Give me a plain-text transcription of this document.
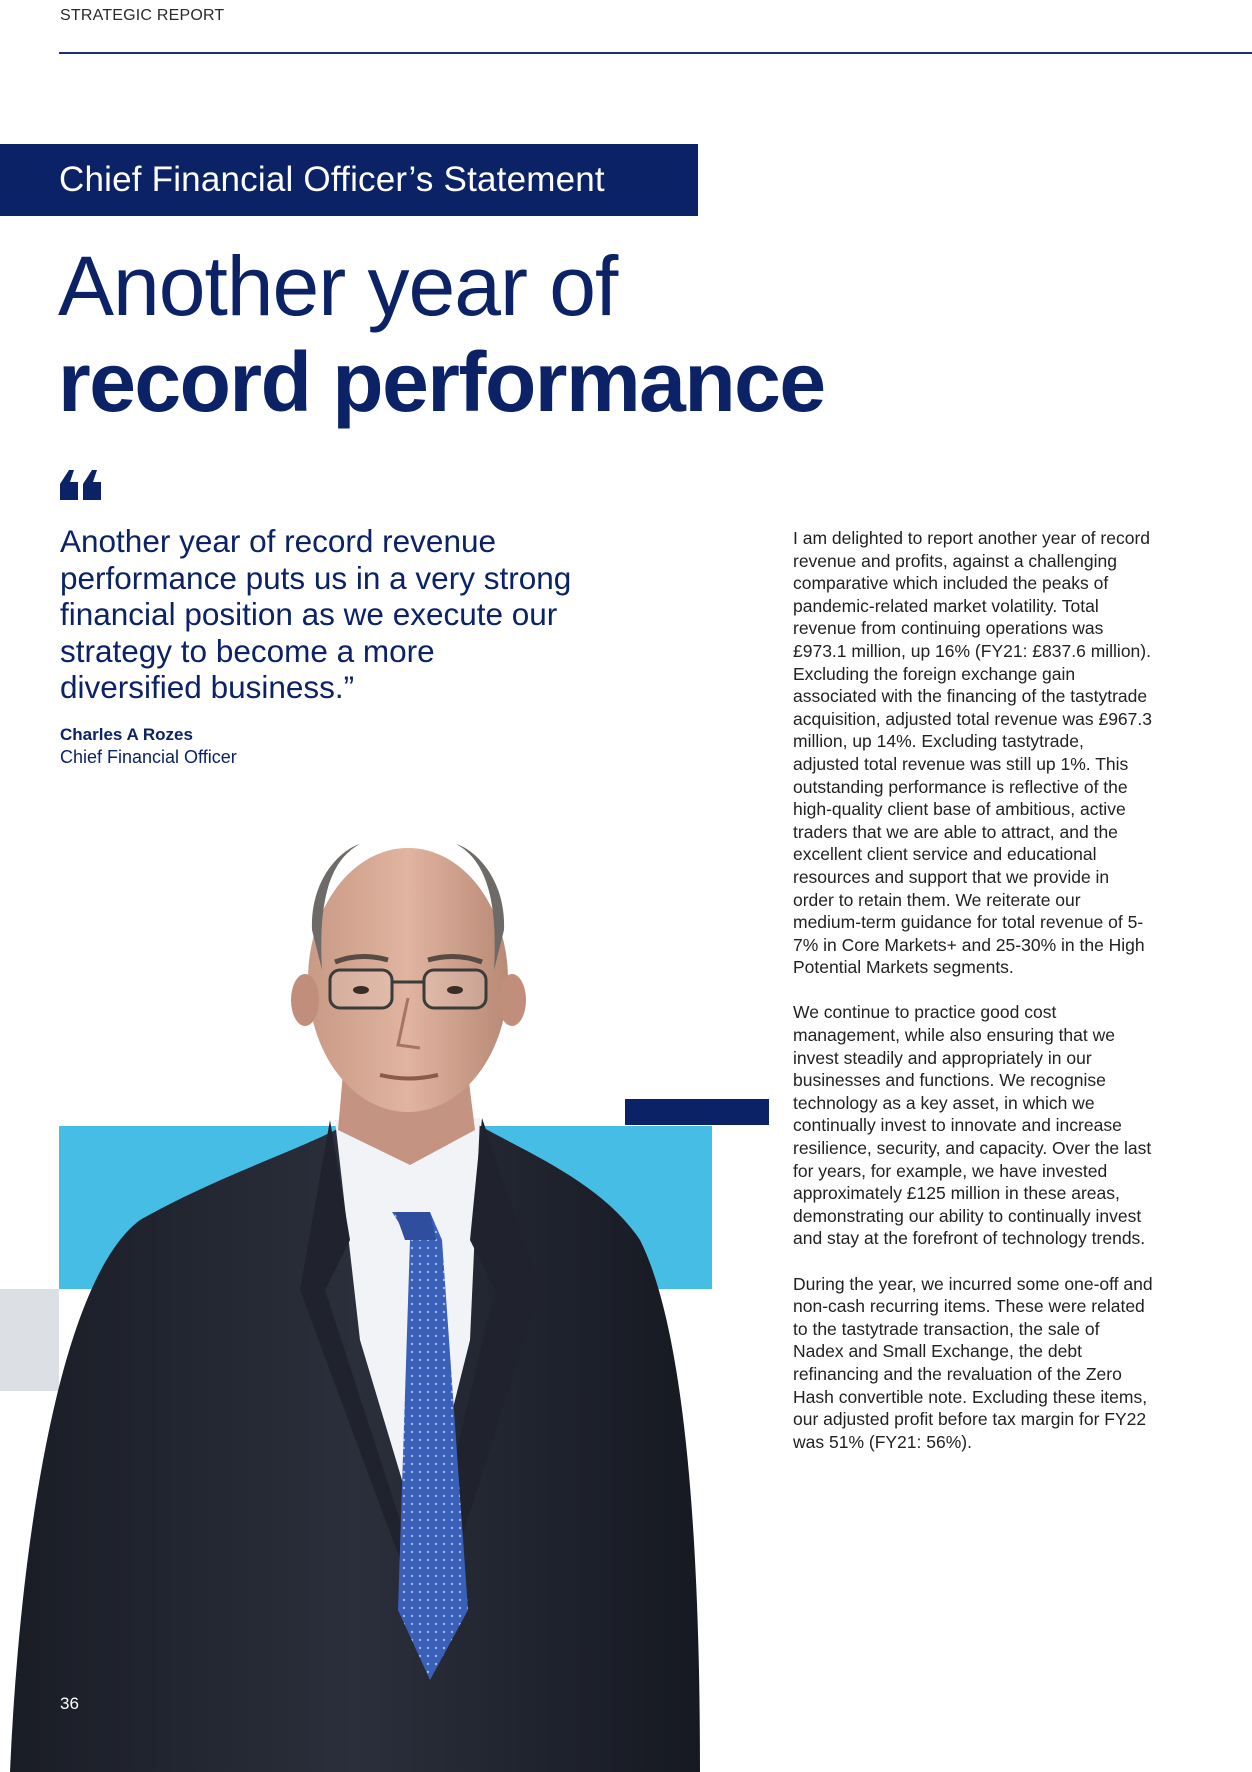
STRATEGIC REPORT
Chief Financial Officer’s Statement
Another year of
record performance

Another year of record revenue performance puts us in a very strong financial position as we execute our strategy to become a more diversified business.”

Charles A Rozes
Chief Financial Officer

I am delighted to report another year of record revenue and profits, against a challenging comparative which included the peaks of pandemic-related market volatility. Total revenue from continuing operations was £973.1 million, up 16% (FY21: £837.6 million). Excluding the foreign exchange gain associated with the financing of the tastytrade acquisition, adjusted total revenue was £967.3 million, up 14%. Excluding tastytrade, adjusted total revenue was still up 1%. This outstanding performance is reflective of the high-quality client base of ambitious, active traders that we are able to attract, and the excellent client service and educational resources and support that we provide in order to retain them. We reiterate our medium-term guidance for total revenue of 5-7% in Core Markets+ and 25-30% in the High Potential Markets segments.

We continue to practice good cost management, while also ensuring that we invest steadily and appropriately in our businesses and functions. We recognise technology as a key asset, in which we continually invest to innovate and increase resilience, security, and capacity. Over the last for years, for example, we have invested approximately £125 million in these areas, demonstrating our ability to continually invest and stay at the forefront of technology trends.

During the year, we incurred some one-off and non-cash recurring items. These were related to the tastytrade transaction, the sale of Nadex and Small Exchange, the debt refinancing and the revaluation of the Zero Hash convertible note. Excluding these items, our adjusted profit before tax margin for FY22 was 51% (FY21: 56%).

36
